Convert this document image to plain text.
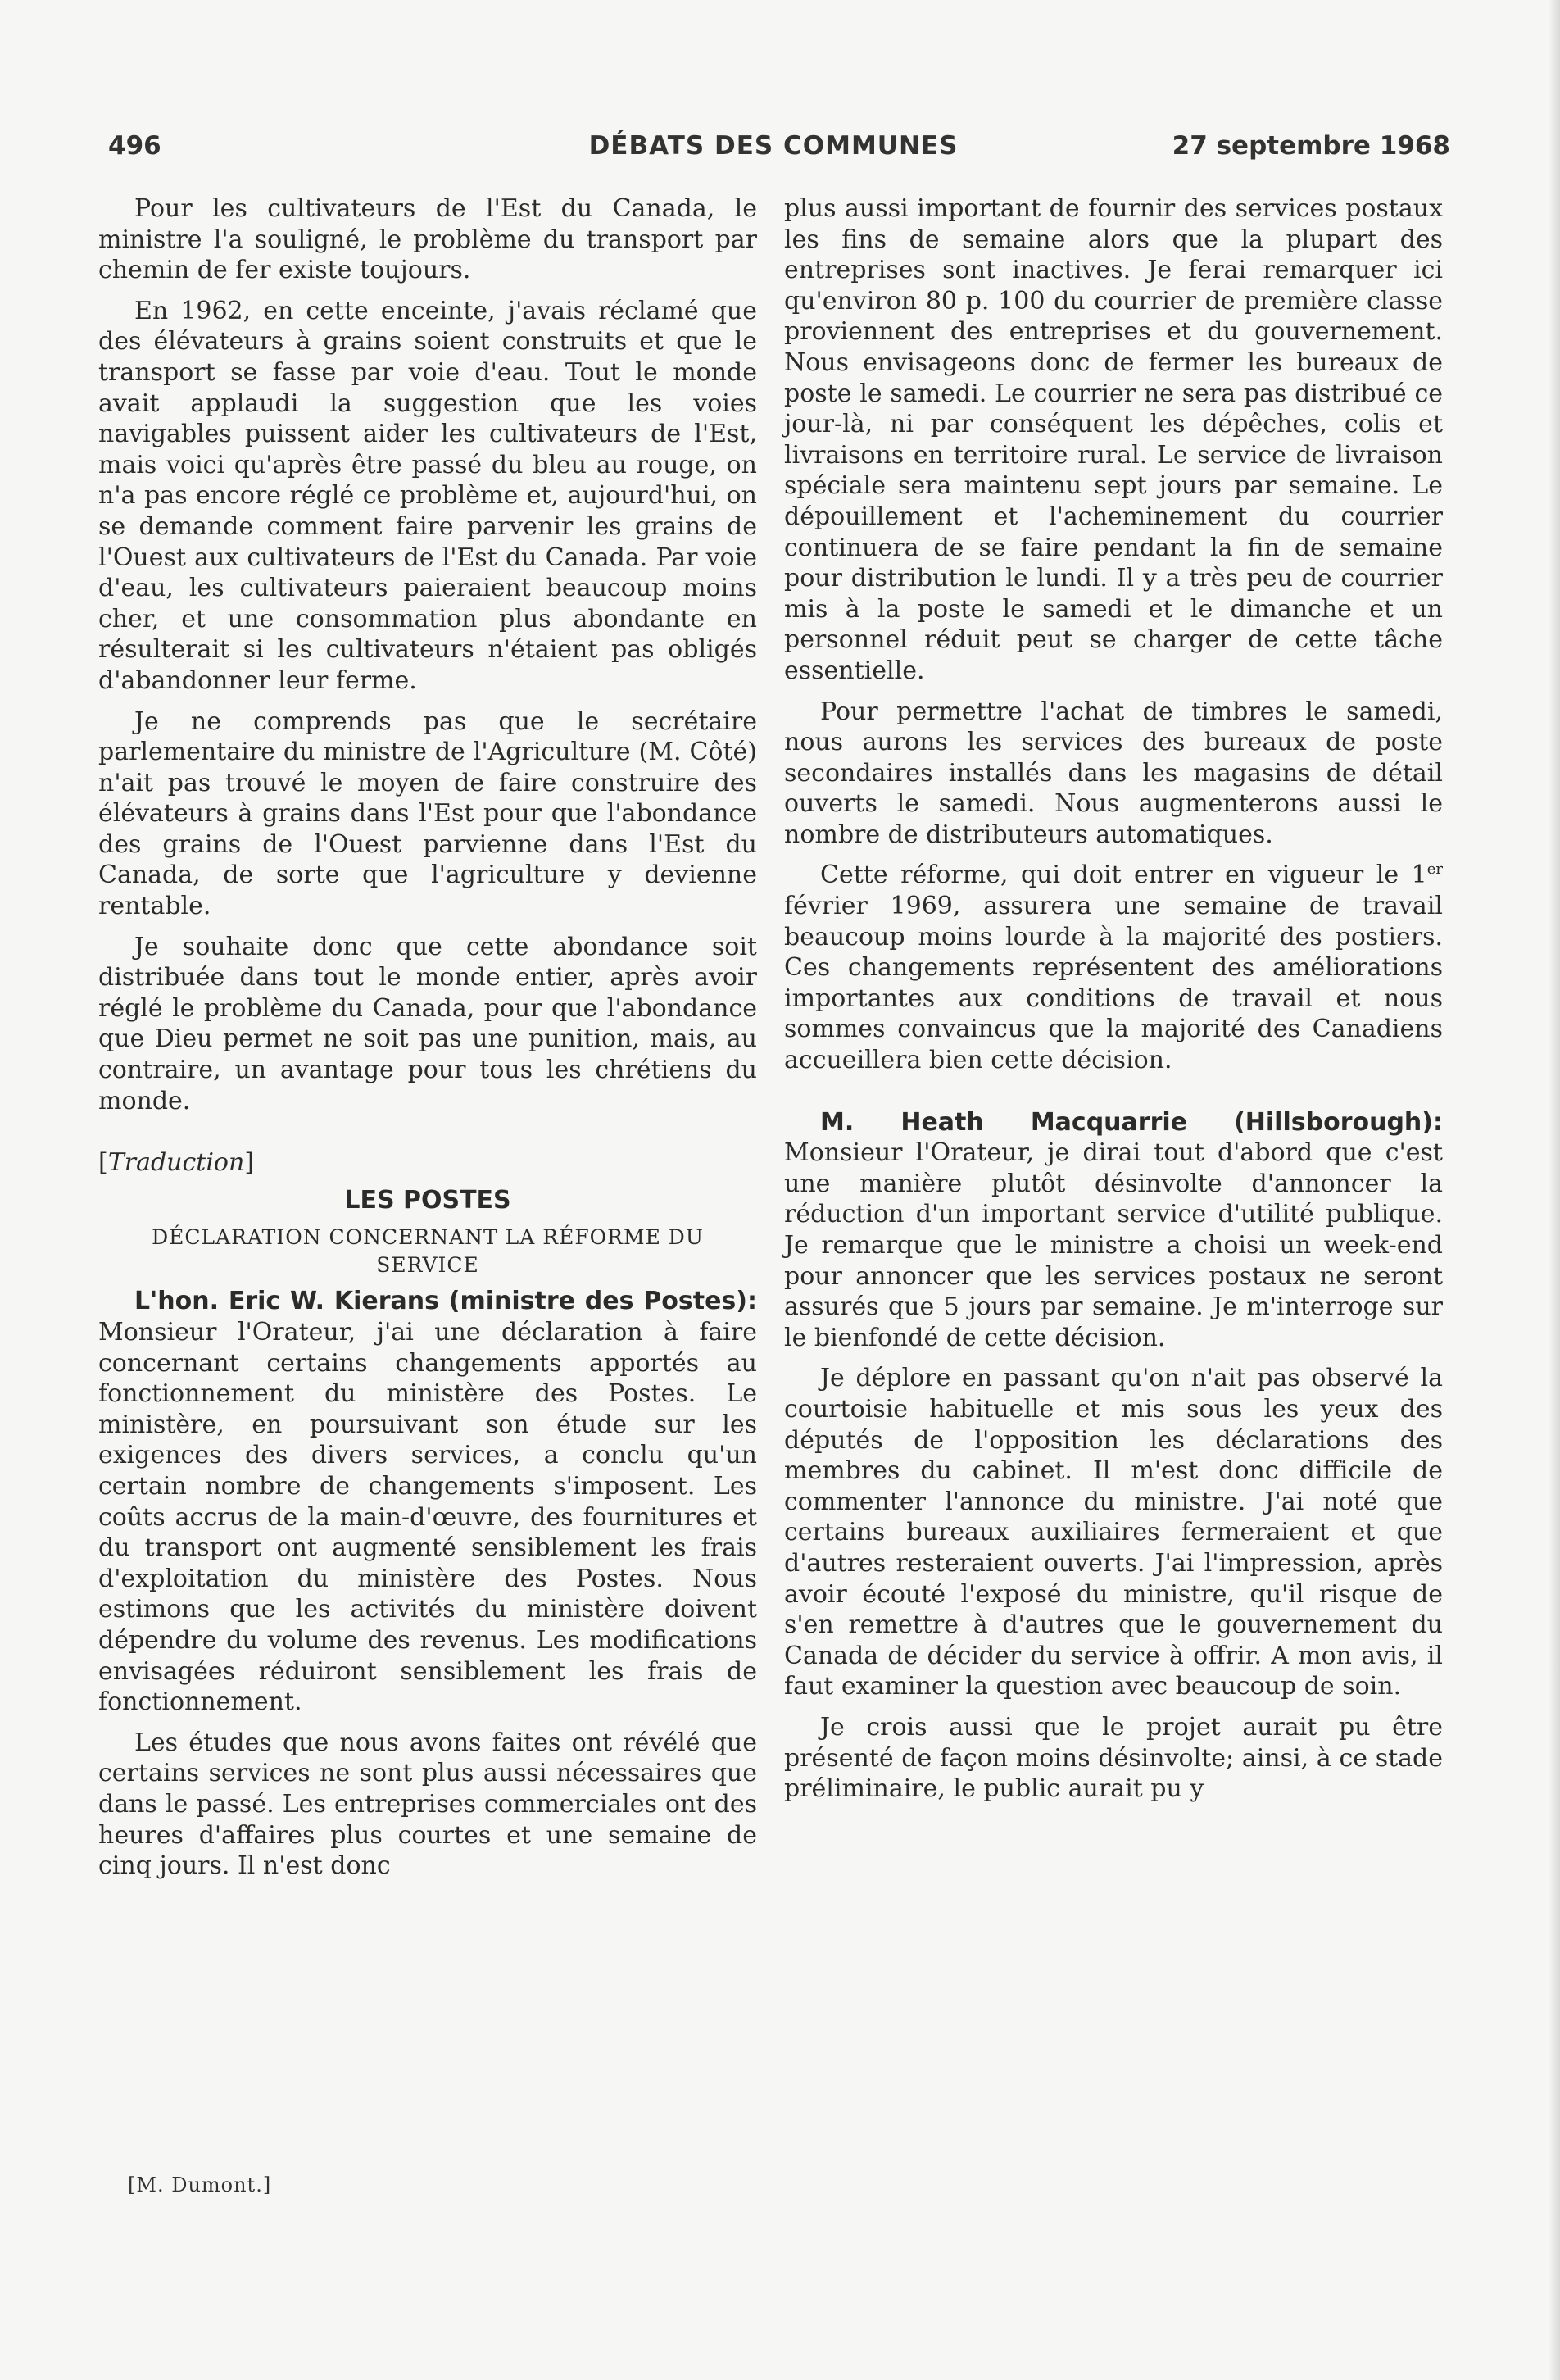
496	DÉBATS DES COMMUNES	27 septembre 1968

Pour les cultivateurs de l'Est du Canada, le ministre l'a souligné, le problème du transport par chemin de fer existe toujours.

En 1962, en cette enceinte, j'avais réclamé que des élévateurs à grains soient construits et que le transport se fasse par voie d'eau. Tout le monde avait applaudi la suggestion que les voies navigables puissent aider les cultivateurs de l'Est, mais voici qu'après être passé du bleu au rouge, on n'a pas encore réglé ce problème et, aujourd'hui, on se demande comment faire parvenir les grains de l'Ouest aux cultivateurs de l'Est du Canada. Par voie d'eau, les cultivateurs paieraient beaucoup moins cher, et une consommation plus abondante en résulterait si les cultivateurs n'étaient pas obligés d'abandonner leur ferme.

Je ne comprends pas que le secrétaire parlementaire du ministre de l'Agriculture (M. Côté) n'ait pas trouvé le moyen de faire construire des élévateurs à grains dans l'Est pour que l'abondance des grains de l'Ouest parvienne dans l'Est du Canada, de sorte que l'agriculture y devienne rentable.

Je souhaite donc que cette abondance soit distribuée dans tout le monde entier, après avoir réglé le problème du Canada, pour que l'abondance que Dieu permet ne soit pas une punition, mais, au contraire, un avantage pour tous les chrétiens du monde.

[Traduction]

LES POSTES

DÉCLARATION CONCERNANT LA RÉFORME DU SERVICE

L'hon. Eric W. Kierans (ministre des Postes): Monsieur l'Orateur, j'ai une déclaration à faire concernant certains changements apportés au fonctionnement du ministère des Postes. Le ministère, en poursuivant son étude sur les exigences des divers services, a conclu qu'un certain nombre de changements s'imposent. Les coûts accrus de la main-d'œuvre, des fournitures et du transport ont augmenté sensiblement les frais d'exploitation du ministère des Postes. Nous estimons que les activités du ministère doivent dépendre du volume des revenus. Les modifications envisagées réduiront sensiblement les frais de fonctionnement.

Les études que nous avons faites ont révélé que certains services ne sont plus aussi nécessaires que dans le passé. Les entreprises commerciales ont des heures d'affaires plus courtes et une semaine de cinq jours. Il n'est donc

[M. Dumont.]

plus aussi important de fournir des services postaux les fins de semaine alors que la plupart des entreprises sont inactives. Je ferai remarquer ici qu'environ 80 p. 100 du courrier de première classe proviennent des entreprises et du gouvernement. Nous envisageons donc de fermer les bureaux de poste le samedi. Le courrier ne sera pas distribué ce jour-là, ni par conséquent les dépêches, colis et livraisons en territoire rural. Le service de livraison spéciale sera maintenu sept jours par semaine. Le dépouillement et l'acheminement du courrier continuera de se faire pendant la fin de semaine pour distribution le lundi. Il y a très peu de courrier mis à la poste le samedi et le dimanche et un personnel réduit peut se charger de cette tâche essentielle.

Pour permettre l'achat de timbres le samedi, nous aurons les services des bureaux de poste secondaires installés dans les magasins de détail ouverts le samedi. Nous augmenterons aussi le nombre de distributeurs automatiques.

Cette réforme, qui doit entrer en vigueur le 1er février 1969, assurera une semaine de travail beaucoup moins lourde à la majorité des postiers. Ces changements représentent des améliorations importantes aux conditions de travail et nous sommes convaincus que la majorité des Canadiens accueillera bien cette décision.

M. Heath Macquarrie (Hillsborough): Monsieur l'Orateur, je dirai tout d'abord que c'est une manière plutôt désinvolte d'annoncer la réduction d'un important service d'utilité publique. Je remarque que le ministre a choisi un week-end pour annoncer que les services postaux ne seront assurés que 5 jours par semaine. Je m'interroge sur le bienfondé de cette décision.

Je déplore en passant qu'on n'ait pas observé la courtoisie habituelle et mis sous les yeux des députés de l'opposition les déclarations des membres du cabinet. Il m'est donc difficile de commenter l'annonce du ministre. J'ai noté que certains bureaux auxiliaires fermeraient et que d'autres resteraient ouverts. J'ai l'impression, après avoir écouté l'exposé du ministre, qu'il risque de s'en remettre à d'autres que le gouvernement du Canada de décider du service à offrir. A mon avis, il faut examiner la question avec beaucoup de soin.

Je crois aussi que le projet aurait pu être présenté de façon moins désinvolte; ainsi, à ce stade préliminaire, le public aurait pu y
